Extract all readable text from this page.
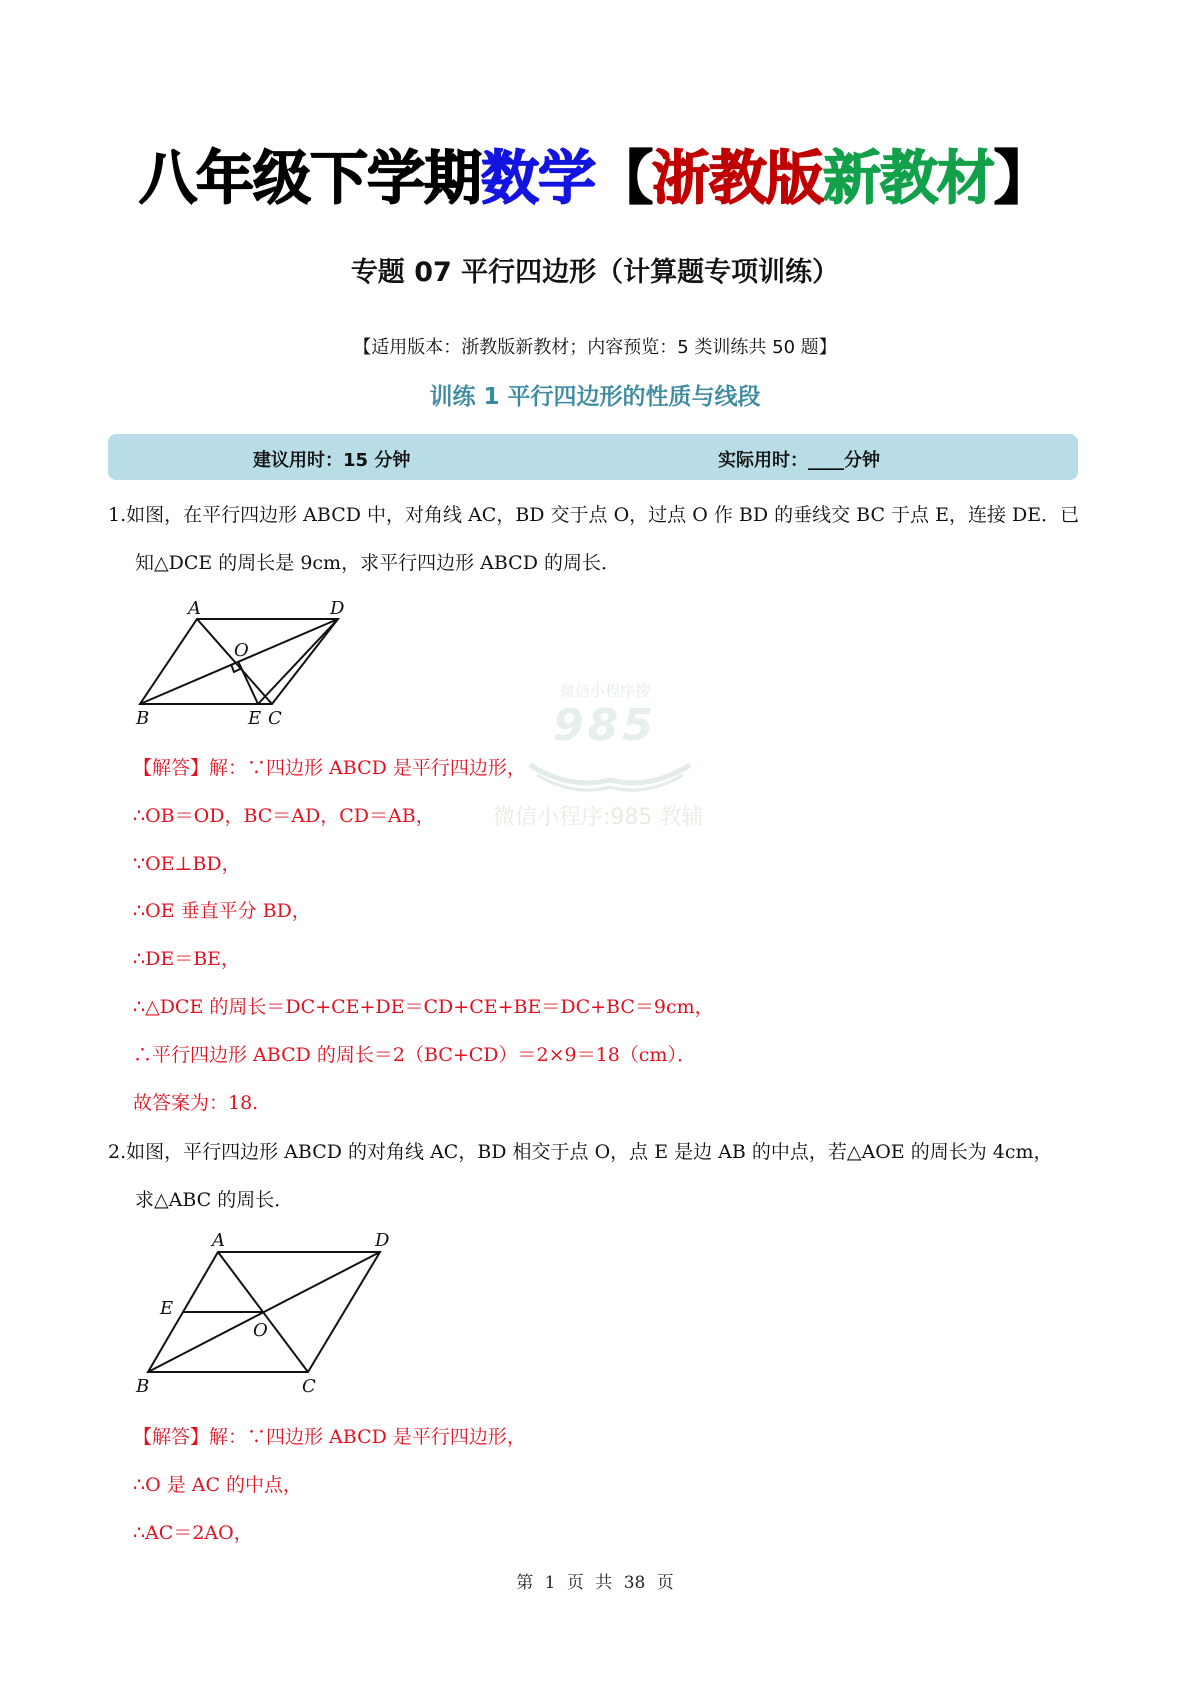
八年级下学期数学【浙教版新教材】
专题 07 平行四边形（计算题专项训练）
【适用版本：浙教版新教材；内容预览：5 类训练共 50 题】
训练 1 平行四边形的性质与线段
建议用时：15 分钟	实际用时：____分钟
微信小程序搜
985
微信小程序:985 教辅
1.如图，在平行四边形 ABCD 中，对角线 AC，BD 交于点 O，过点 O 作 BD 的垂线交 BC 于点 E，连接 DE．已
知△DCE 的周长是 9cm，求平行四边形 ABCD 的周长．
A	D
O
B	E C
【解答】解：∵四边形 ABCD 是平行四边形，
∴OB＝OD，BC＝AD，CD＝AB，
∵OE⊥BD，
∴OE 垂直平分 BD，
∴DE＝BE，
∴△DCE 的周长＝DC+CE+DE＝CD+CE+BE＝DC+BC＝9cm，
∴平行四边形 ABCD 的周长＝2（BC+CD）＝2×9＝18（cm）．
故答案为：18.
2.如图，平行四边形 ABCD 的对角线 AC，BD 相交于点 O，点 E 是边 AB 的中点，若△AOE 的周长为 4cm，
求△ABC 的周长．
A	D
E
O
B	C
【解答】解：∵四边形 ABCD 是平行四边形，
∴O 是 AC 的中点，
∴AC＝2AO，
第 1 页 共 38 页
